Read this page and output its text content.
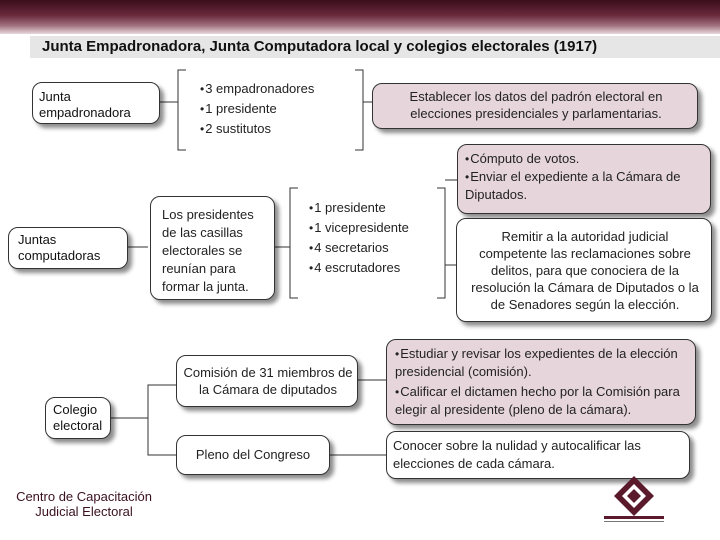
Junta Empadronadora, Junta Computadora local y colegios electorales (1917)
Junta empadronadora
• 3 empadronadores
• 1 presidente
• 2 sustitutos
Establecer los datos del padrón electoral en elecciones presidenciales y parlamentarias.
Juntas computadoras
Los presidentes de las casillas electorales se reunían para formar la junta.
• 1 presidente
• 1 vicepresidente
• 4 secretarios
• 4 escrutadores
• Cómputo de votos.
• Enviar el expediente a la Cámara de Diputados.
Remitir a la autoridad judicial competente las reclamaciones sobre delitos, para que conociera de la resolución la Cámara de Diputados o la de Senadores según la elección.
Colegio electoral
Comisión de 31 miembros de la Cámara de diputados
• Estudiar y revisar los expedientes de la elección presidencial (comisión).
• Calificar el dictamen hecho por la Comisión para elegir al presidente (pleno de la cámara).
Pleno del Congreso
Conocer sobre la nulidad y autocalificar las elecciones de cada cámara.
Centro de Capacitación Judicial Electoral
